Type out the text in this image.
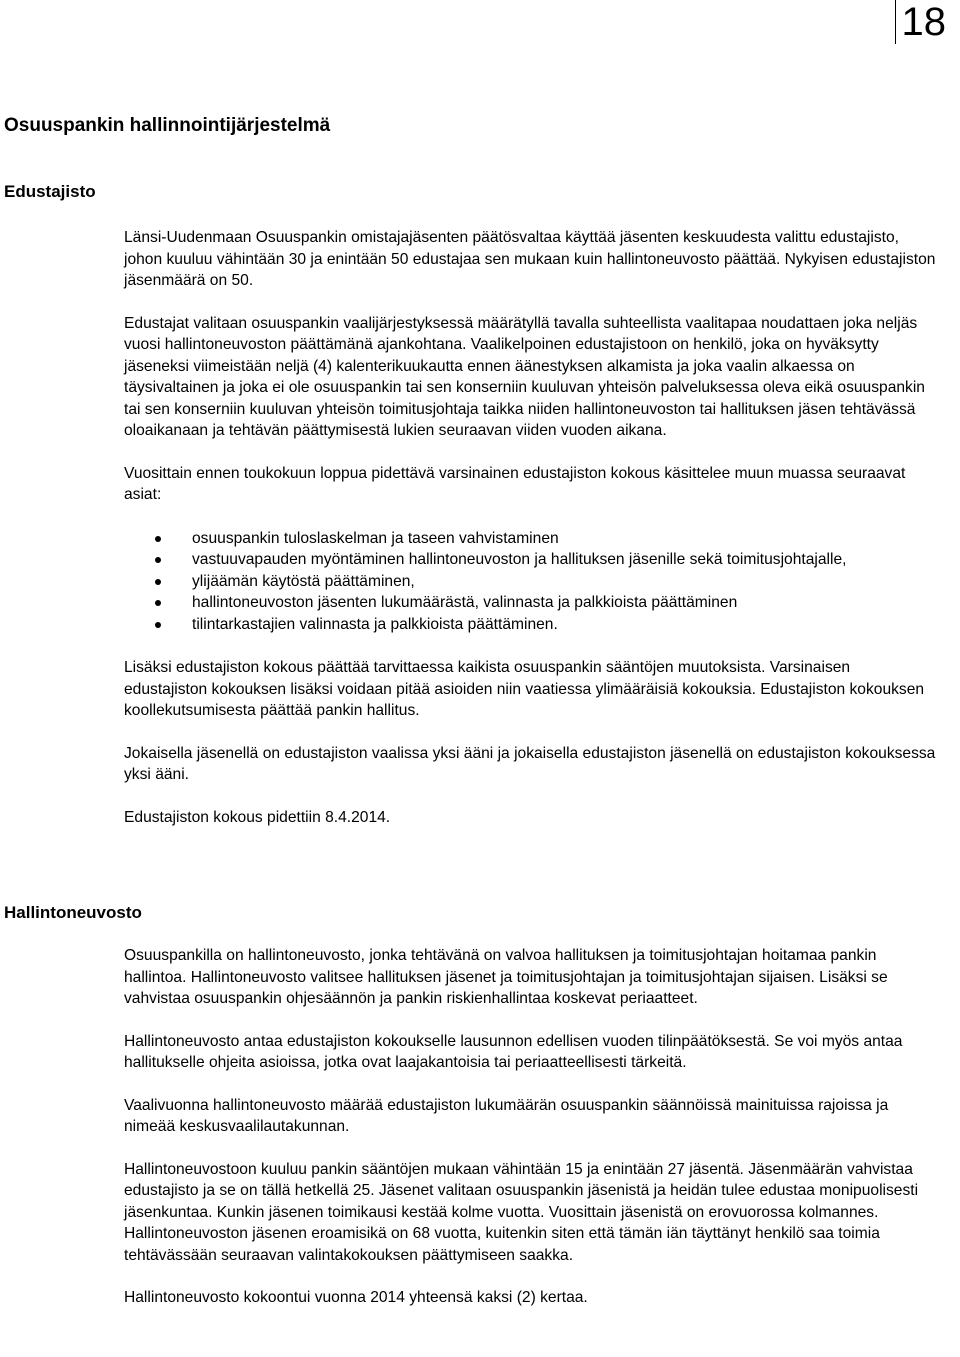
18
Osuuspankin hallinnointijärjestelmä
Edustajisto

Länsi-Uudenmaan Osuuspankin omistajajäsenten päätösvaltaa käyttää jäsenten keskuudesta valittu edustajisto, johon kuuluu vähintään 30 ja enintään 50 edustajaa sen mukaan kuin hallintoneuvosto päättää. Nykyisen edustajiston jäsenmäärä on 50.

Edustajat valitaan osuuspankin vaalijärjestyksessä määrätyllä tavalla suhteellista vaalitapaa noudattaen joka neljäs vuosi hallintoneuvoston päättämänä ajankohtana. Vaalikelpoinen edustajistoon on henkilö, joka on hyväksytty jäseneksi viimeistään neljä (4) kalenterikuukautta ennen äänestyksen alkamista ja joka vaalin alkaessa on täysivaltainen ja joka ei ole osuuspankin tai sen konserniin kuuluvan yhteisön palveluksessa oleva eikä osuuspankin tai sen konserniin kuuluvan yhteisön toimitusjohtaja taikka niiden hallintoneuvoston tai hallituksen jäsen tehtävässä oloaikanaan ja tehtävän päättymisestä lukien seuraavan viiden vuoden aikana.

Vuosittain ennen toukokuun loppua pidettävä varsinainen edustajiston kokous käsittelee muun muassa seuraavat asiat:

osuuspankin tuloslaskelman ja taseen vahvistaminen
vastuuvapauden myöntäminen hallintoneuvoston ja hallituksen jäsenille sekä toimitusjohtajalle,
ylijäämän käytöstä päättäminen,
hallintoneuvoston jäsenten lukumäärästä, valinnasta ja palkkioista päättäminen
tilintarkastajien valinnasta ja palkkioista päättäminen.

Lisäksi edustajiston kokous päättää tarvittaessa kaikista osuuspankin sääntöjen muutoksista. Varsinaisen edustajiston kokouksen lisäksi voidaan pitää asioiden niin vaatiessa ylimääräisiä kokouksia. Edustajiston kokouksen koollekutsumisesta päättää pankin hallitus.

Jokaisella jäsenellä on edustajiston vaalissa yksi ääni ja jokaisella edustajiston jäsenellä on edustajiston kokouksessa yksi ääni.

Edustajiston kokous pidettiin 8.4.2014.

Hallintoneuvosto

Osuuspankilla on hallintoneuvosto, jonka tehtävänä on valvoa hallituksen ja toimitusjohtajan hoitamaa pankin hallintoa. Hallintoneuvosto valitsee hallituksen jäsenet ja toimitusjohtajan ja toimitusjohtajan sijaisen. Lisäksi se vahvistaa osuuspankin ohjesäännön ja pankin riskienhallintaa koskevat periaatteet.

Hallintoneuvosto antaa edustajiston kokoukselle lausunnon edellisen vuoden tilinpäätöksestä. Se voi myös antaa hallitukselle ohjeita asioissa, jotka ovat laajakantoisia tai periaatteellisesti tärkeitä.

Vaalivuonna hallintoneuvosto määrää edustajiston lukumäärän osuuspankin säännöissä mainituissa rajoissa ja nimeää keskusvaalilautakunnan.

Hallintoneuvostoon kuuluu pankin sääntöjen mukaan vähintään 15 ja enintään 27 jäsentä. Jäsenmäärän vahvistaa edustajisto ja se on tällä hetkellä 25. Jäsenet valitaan osuuspankin jäsenistä ja heidän tulee edustaa monipuolisesti jäsenkuntaa. Kunkin jäsenen toimikausi kestää kolme vuotta. Vuosittain jäsenistä on erovuorossa kolmannes. Hallintoneuvoston jäsenen eroamisikä on 68 vuotta, kuitenkin siten että tämän iän täyttänyt henkilö saa toimia tehtävässään seuraavan valintakokouksen päättymiseen saakka.

Hallintoneuvosto kokoontui vuonna 2014 yhteensä kaksi (2) kertaa.
